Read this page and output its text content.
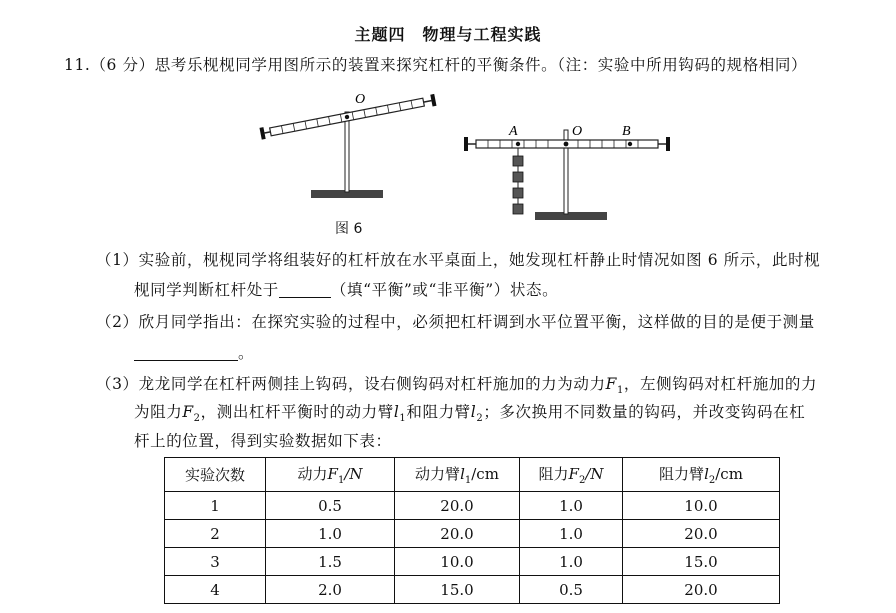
主题四　物理与工程实践
11.（6 分）思考乐枧枧同学用图所示的装置来探究杠杆的平衡条件。（注：实验中所用钩码的规格相同）
O
A	O	B
图 6
（1）实验前，枧枧同学将组装好的杠杆放在水平桌面上，她发现杠杆静止时情况如图 6 所示，此时枧
枧同学判断杠杆处于	（填“平衡”或“非平衡”）状态。
（2）欣月同学指出：在探究实验的过程中，必须把杠杆调到水平位置平衡，这样做的目的是便于测量
。
（3）龙龙同学在杠杆两侧挂上钩码，设右侧钩码对杠杆施加的力为动力$F_1$，左侧钩码对杠杆施加的力
为阻力$F_2$，测出杠杆平衡时的动力臂$l_1$和阻力臂$l_2$；多次换用不同数量的钩码，并改变钩码在杠
杆上的位置，得到实验数据如下表：
实验次数	动力$F_1/N$	动力臂$l_1/cm$	阻力$F_2/N$	阻力臂$l_2/cm$
1	0.5	20.0	1.0	10.0
2	1.0	20.0	1.0	20.0
3	1.5	10.0	1.0	15.0
4	2.0	15.0	0.5	20.0
